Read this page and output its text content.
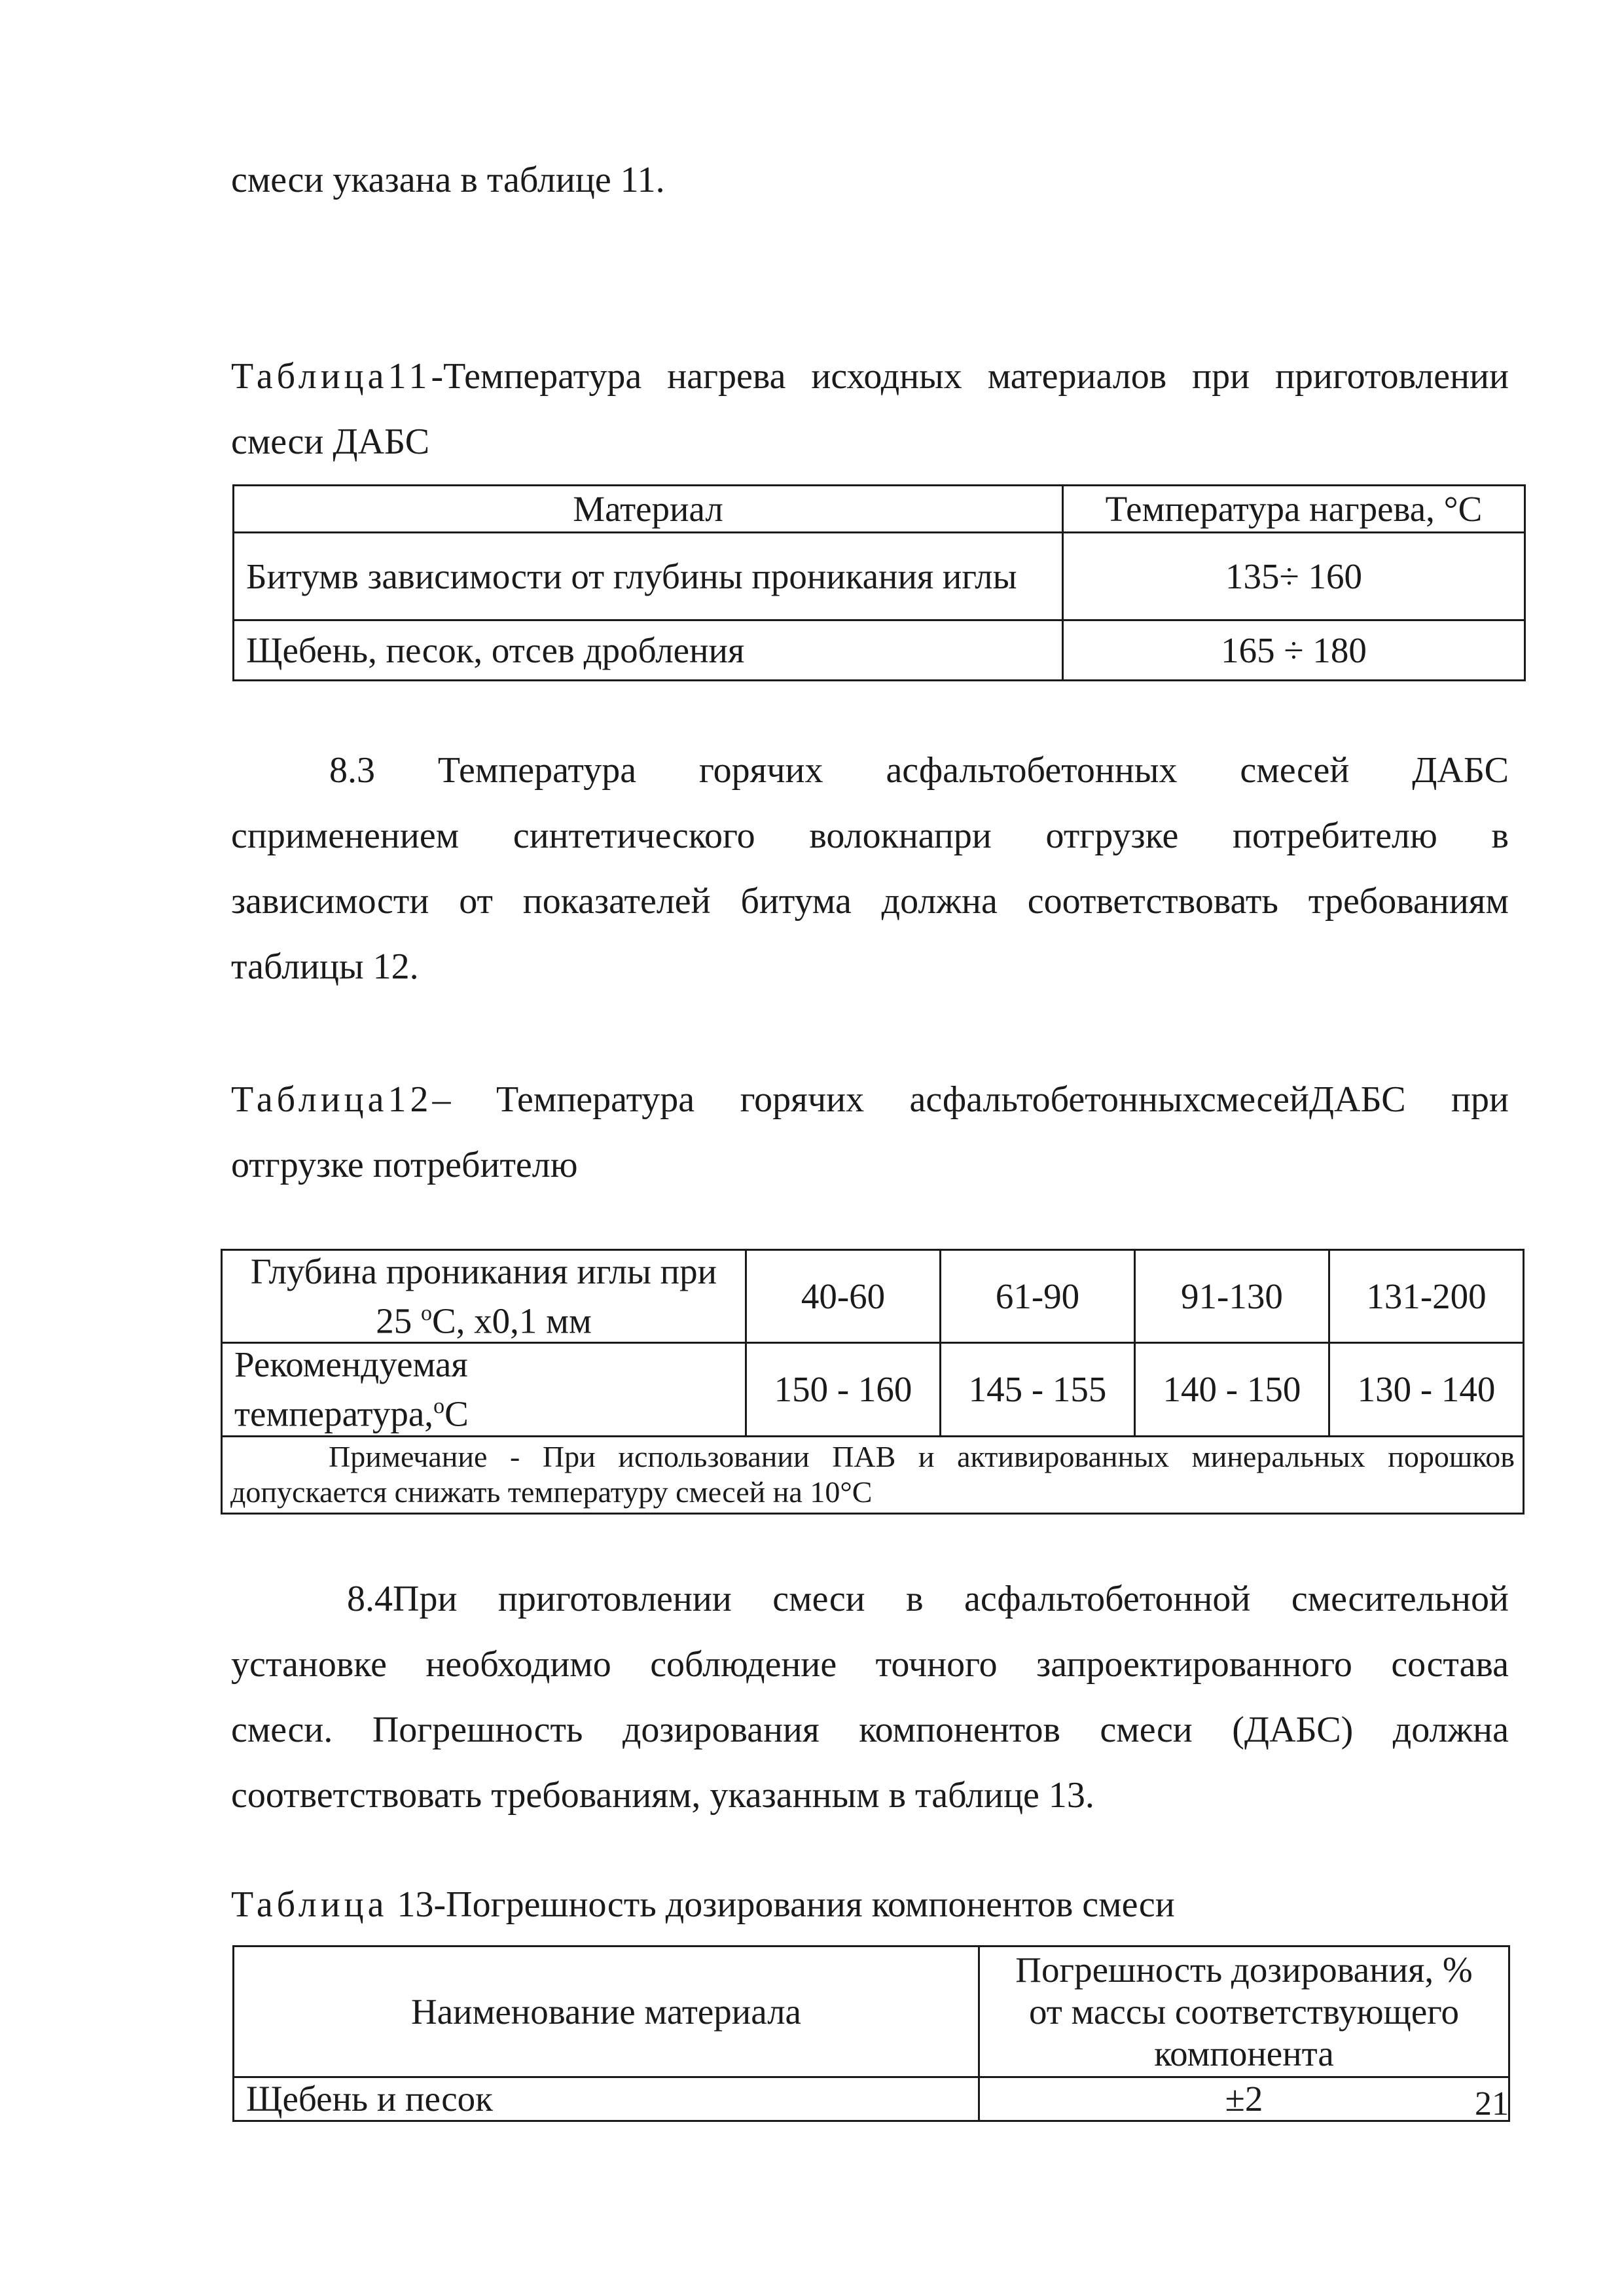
смеси указана в таблице 11.
Таблица11-Температура нагрева исходных материалов при приготовлении
смеси ДАБС
Материал	Температура нагрева, °С
Битумв зависимости от глубины проникания иглы	135÷ 160
Щебень, песок, отсев дробления	165 ÷ 180
8.3 Температура горячих асфальтобетонных смесей ДАБС
сприменением синтетического волокнапри отгрузке потребителю в
зависимости от показателей битума должна соответствовать требованиям
таблицы 12.
Таблица12– Температура горячих асфальтобетонныхсмесейДАБС при
отгрузке потребителю
Глубина проникания иглы при
25 $^о$С, х0,1 мм	40-60	61-90	91-130	131-200
Рекомендуемая
температура,$^о$С	150 - 160	145 - 155	140 - 150	130 - 140

Примечание - При использовании ПАВ и активированных минеральных порошков
допускается снижать температуру смесей на 10°С				
8.4При приготовлении смеси в асфальтобетонной смесительной
установке необходимо соблюдение точного запроектированного состава
смеси. Погрешность дозирования компонентов смеси (ДАБС) должна
соответствовать требованиям, указанным в таблице 13.
Таблица 13-Погрешность дозирования компонентов смеси
Наименование материала	Погрешность дозирования, %
от массы соответствующего
компонента
Щебень и песок	±2	21
